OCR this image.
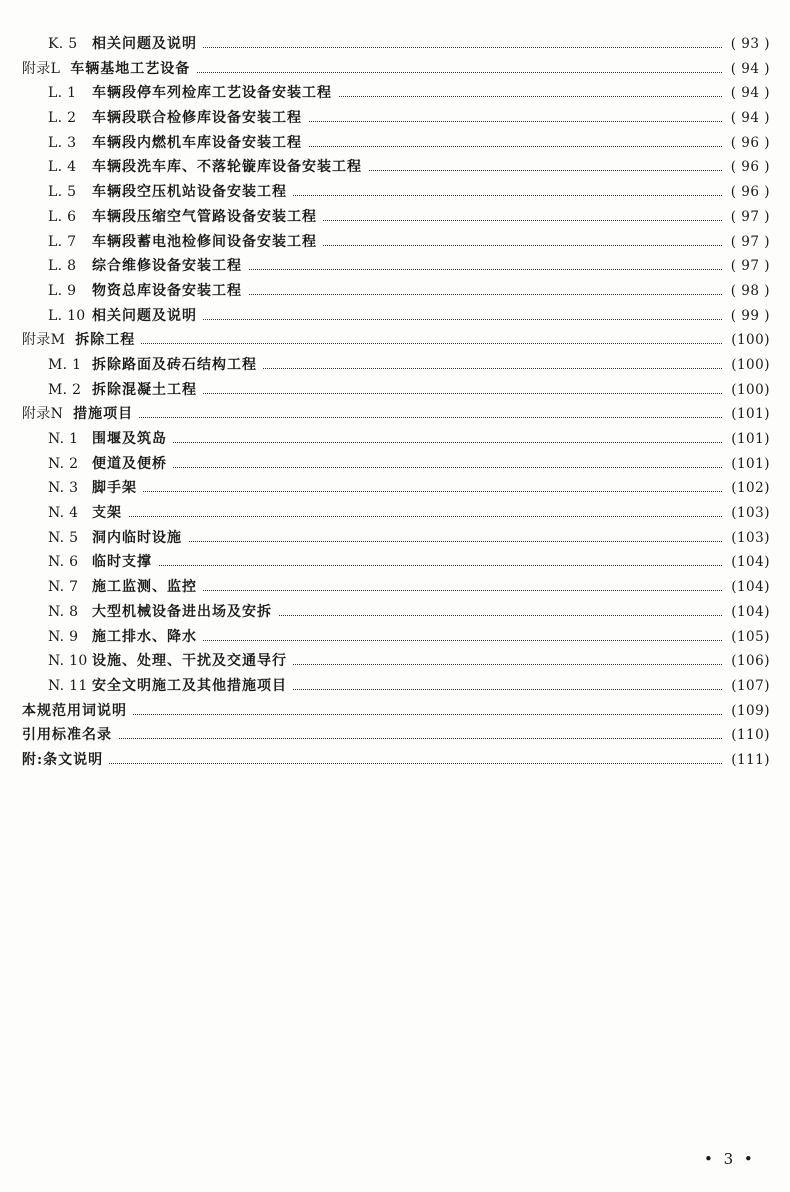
K. 5	相关问题及说明	( 93 )
附录L 车辆基地工艺设备	( 94 )
L. 1	车辆段停车列检库工艺设备安装工程	( 94 )
L. 2	车辆段联合检修库设备安装工程	( 94 )
L. 3	车辆段内燃机车库设备安装工程	( 96 )
L. 4	车辆段洗车库、不落轮镟库设备安装工程	( 96 )
L. 5	车辆段空压机站设备安装工程	( 96 )
L. 6	车辆段压缩空气管路设备安装工程	( 97 )
L. 7	车辆段蓄电池检修间设备安装工程	( 97 )
L. 8	综合维修设备安装工程	( 97 )
L. 9	物资总库设备安装工程	( 98 )
L. 10 相关问题及说明	( 99 )
附录M 拆除工程	(100)
M. 1 拆除路面及砖石结构工程	(100)
M. 2 拆除混凝土工程	(100)
附录N 措施项目	(101)
N. 1 围堰及筑岛	(101)
N. 2 便道及便桥	(101)
N. 3 脚手架	(102)
N. 4 支架	(103)
N. 5 洞内临时设施	(103)
N. 6 临时支撑	(104)
N. 7 施工监测、监控	(104)
N. 8 大型机械设备进出场及安拆	(104)
N. 9 施工排水、降水	(105)
N. 10 设施、处理、干扰及交通导行	(106)
N. 11 安全文明施工及其他措施项目	(107)
本规范用词说明	(109)
引用标准名录	(110)
附:条文说明	(111)
• 3 •
